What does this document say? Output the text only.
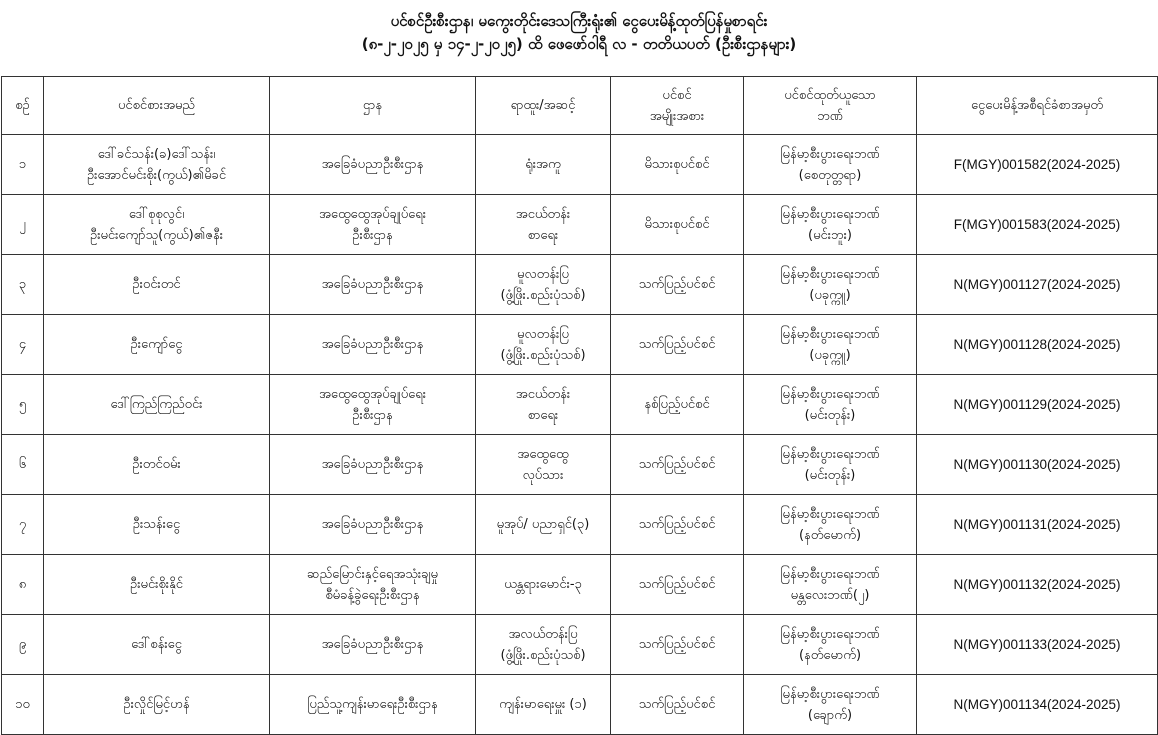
ပင်စင်ဦးစီးဌာန၊ မကွေးတိုင်းဒေသကြီးရုံး၏ ငွေပေးမိန့်ထုတ်ပြန်မှုစာရင်း
(၈-၂-၂၀၂၅ မှ ၁၄-၂-၂၀၂၅) ထိ ဖေဖော်ဝါရီ လ - တတိယပတ် (ဦးစီးဌာနများ)
စဉ်	ပင်စင်စားအမည်	ဌာန	ရာထူး/အဆင့်	ပင်စင်
အမျိုးအစား	ပင်စင်ထုတ်ယူသော
ဘဏ်	ငွေပေးမိန့်အစီရင်ခံစာအမှတ်

၁	ဒေါ်ခင်သန်း(ခ)ဒေါ်သန်း၊
ဦးအောင်မင်းစိုး(ကွယ်)၏မိခင်	အခြေခံပညာဦးစီးဌာန	ရုံးအကူ	မိသားစုပင်စင်	မြန်မာ့စီးပွားရေးဘဏ်
(စေတုတ္တရာ)	F(MGY)001582(2024-2025)

၂	ဒေါ်စုစုလွင်၊
ဦးမင်းကျော်သူ(ကွယ်)၏ဇနီး	အထွေထွေအုပ်ချုပ်ရေး
ဦးစီးဌာန	အငယ်တန်း
စာရေး	မိသားစုပင်စင်	မြန်မာ့စီးပွားရေးဘဏ်
(မင်းဘူး)	F(MGY)001583(2024-2025)

၃	ဦးဝင်းတင်	အခြေခံပညာဦးစီးဌာန	မူလတန်းပြ
(ဖွံ့ဖြိုး.စည်းပုံသစ်)	သက်ပြည့်ပင်စင်	မြန်မာ့စီးပွားရေးဘဏ်
(ပခုက္ကူ)	N(MGY)001127(2024-2025)

၄	ဦးကျော်ငွေ	အခြေခံပညာဦးစီးဌာန	မူလတန်းပြ
(ဖွံ့ဖြိုး.စည်းပုံသစ်)	သက်ပြည့်ပင်စင်	မြန်မာ့စီးပွားရေးဘဏ်
(ပခုက္ကူ)	N(MGY)001128(2024-2025)

၅	ဒေါ်ကြည်ကြည်ဝင်း	အထွေထွေအုပ်ချုပ်ရေး
ဦးစီးဌာန	အငယ်တန်း
စာရေး	နစ်ပြည့်ပင်စင်	မြန်မာ့စီးပွားရေးဘဏ်
(မင်းတုန်း)	N(MGY)001129(2024-2025)

၆	ဦးတင်ဝမ်း	အခြေခံပညာဦးစီးဌာန	အထွေထွေ
လုပ်သား	သက်ပြည့်ပင်စင်	မြန်မာ့စီးပွားရေးဘဏ်
(မင်းတုန်း)	N(MGY)001130(2024-2025)

၇	ဦးသန်းငွေ	အခြေခံပညာဦးစီးဌာန	မူအုပ်/ ပညာရှင်(၃)	သက်ပြည့်ပင်စင်	မြန်မာ့စီးပွားရေးဘဏ်
(နတ်မောက်)	N(MGY)001131(2024-2025)

၈	ဦးမင်းစိုးနိုင်	ဆည်မြောင်းနှင့်ရေအသုံးချမှု
စီမံခန့်ခွဲရေးဦးစီးဌာန	ယန္တရားမောင်း-၃	သက်ပြည့်ပင်စင်	မြန်မာ့စီးပွားရေးဘဏ်
မန္တလေးဘဏ်(၂)	N(MGY)001132(2024-2025)

၉	ဒေါ်စန်းငွေ	အခြေခံပညာဦးစီးဌာန	အလယ်တန်းပြ
(ဖွံ့ဖြိုး.စည်းပုံသစ်)	သက်ပြည့်ပင်စင်	မြန်မာ့စီးပွားရေးဘဏ်
(နတ်မောက်)	N(MGY)001133(2024-2025)

၁၀	ဦးလှိုင်မြင့်ဟန်	ပြည်သူ့ကျန်းမာရေးဦးစီးဌာန	ကျန်းမာရေးမှူး (၁)	သက်ပြည့်ပင်စင်	မြန်မာ့စီးပွားရေးဘဏ်
(ချောက်)	N(MGY)001134(2024-2025)
